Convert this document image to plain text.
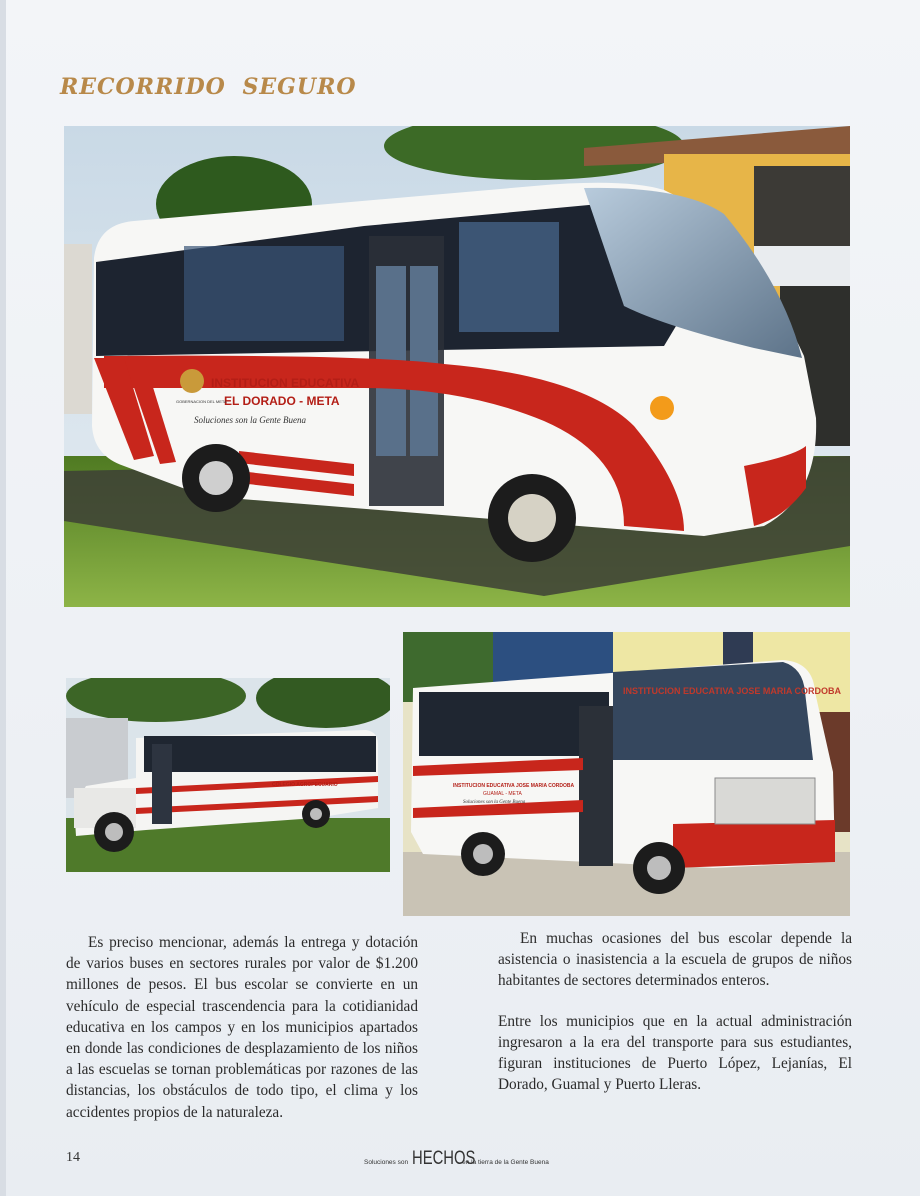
RECORRIDO SEGURO
INSTITUCION EDUCATIVA
EL DORADO - META
Soluciones son la Gente Buena
GOBERNACION DEL META
COLEGIO AGROPECUARIO
INSTITUCION EDUCATIVA JOSE MARIA CORDOBA
INSTITUCION EDUCATIVA JOSE MARIA CORDOBA
GUAMAL - META
Soluciones son la Gente Buena

Es preciso mencionar, además la entrega y dotación de varios buses en sectores rurales por valor de $1.200 millones de pesos. El bus escolar se convierte en un vehículo de especial trascendencia para la cotidianidad educativa en los campos y en los municipios apartados en donde las condiciones de desplazamiento de los niños a las escuelas se tornan problemáticas por razones de las distancias, los obstáculos de todo tipo, el clima y los accidentes propios de la naturaleza.

En muchas ocasiones del bus escolar depende la asistencia o inasistencia a la escuela de grupos de niños habitantes de sectores determinados enteros.

Entre los municipios que en la actual administración ingresaron a la era del transporte para sus estudiantes, figuran instituciones de Puerto López, Lejanías, El Dorado, Guamal y Puerto Lleras.

14	Soluciones son HECHOS
en la tierra de la Gente Buena
